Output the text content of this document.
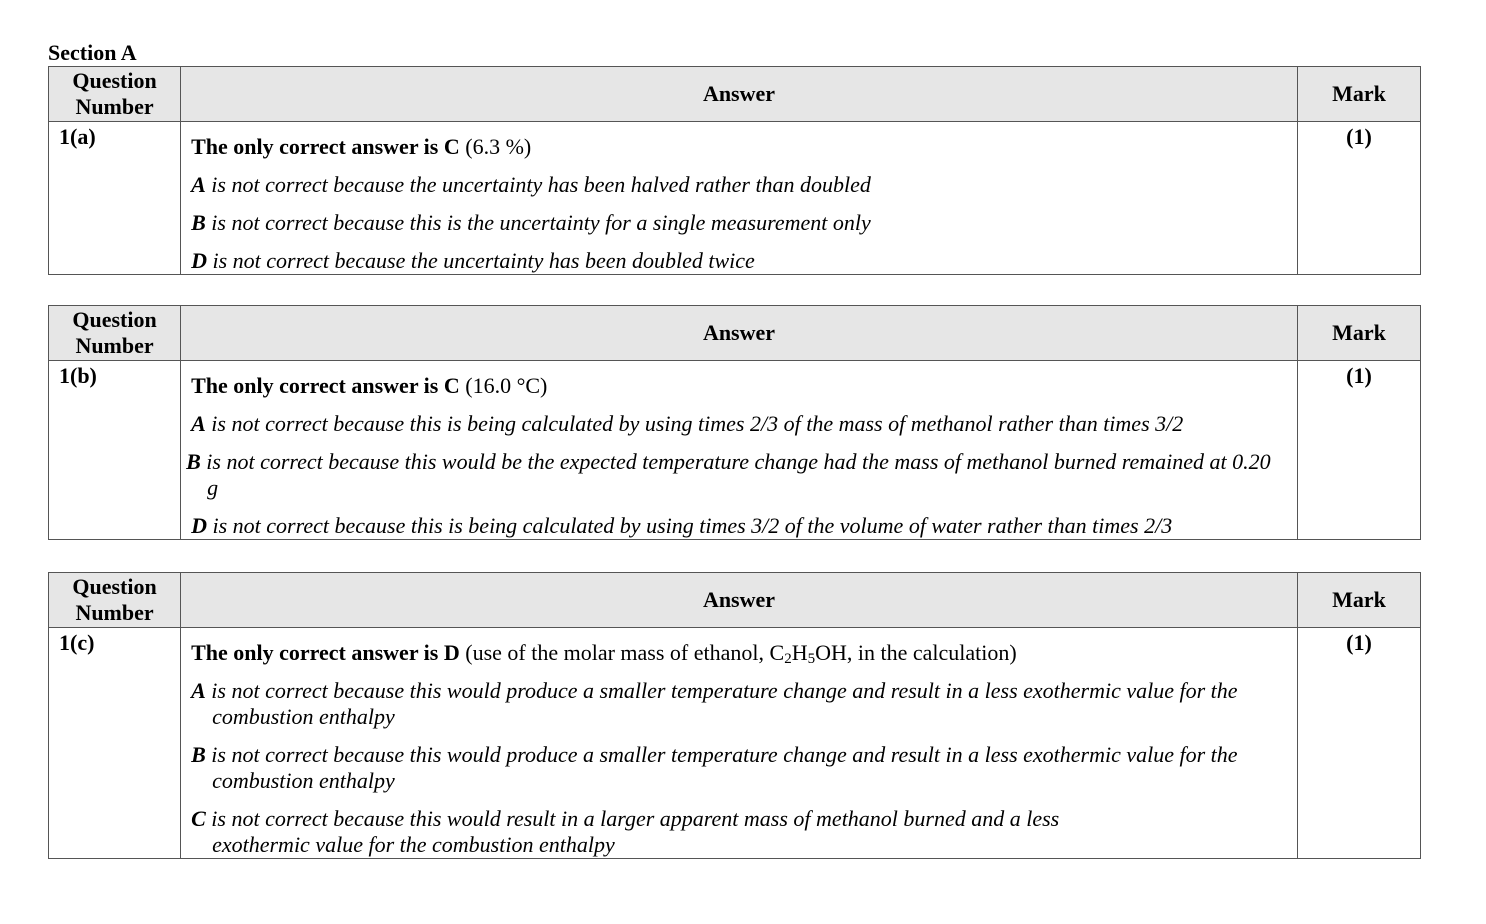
Section A
Question Number	Answer	Mark
1(a)	The only correct answer is C (6.3 %)
A is not correct because the uncertainty has been halved rather than doubled
B is not correct because this is the uncertainty for a single measurement only
D is not correct because the uncertainty has been doubled twice	(1)
Question Number	Answer	Mark
1(b)	The only correct answer is C (16.0 °C)
A is not correct because this is being calculated by using times 2/3 of the mass of methanol rather than times 3/2
B is not correct because this would be the expected temperature change had the mass of methanol burned remained at 0.20 g
D is not correct because this is being calculated by using times 3/2 of the volume of water rather than times 2/3	(1)
Question Number	Answer	Mark
1(c)	The only correct answer is D (use of the molar mass of ethanol, $C_2H_5OH$, in the calculation)
A is not correct because this would produce a smaller temperature change and result in a less exothermic value for the combustion enthalpy
B is not correct because this would produce a smaller temperature change and result in a less exothermic value for the combustion enthalpy
C is not correct because this would result in a larger apparent mass of methanol burned and a less exothermic value for the combustion enthalpy	(1)
